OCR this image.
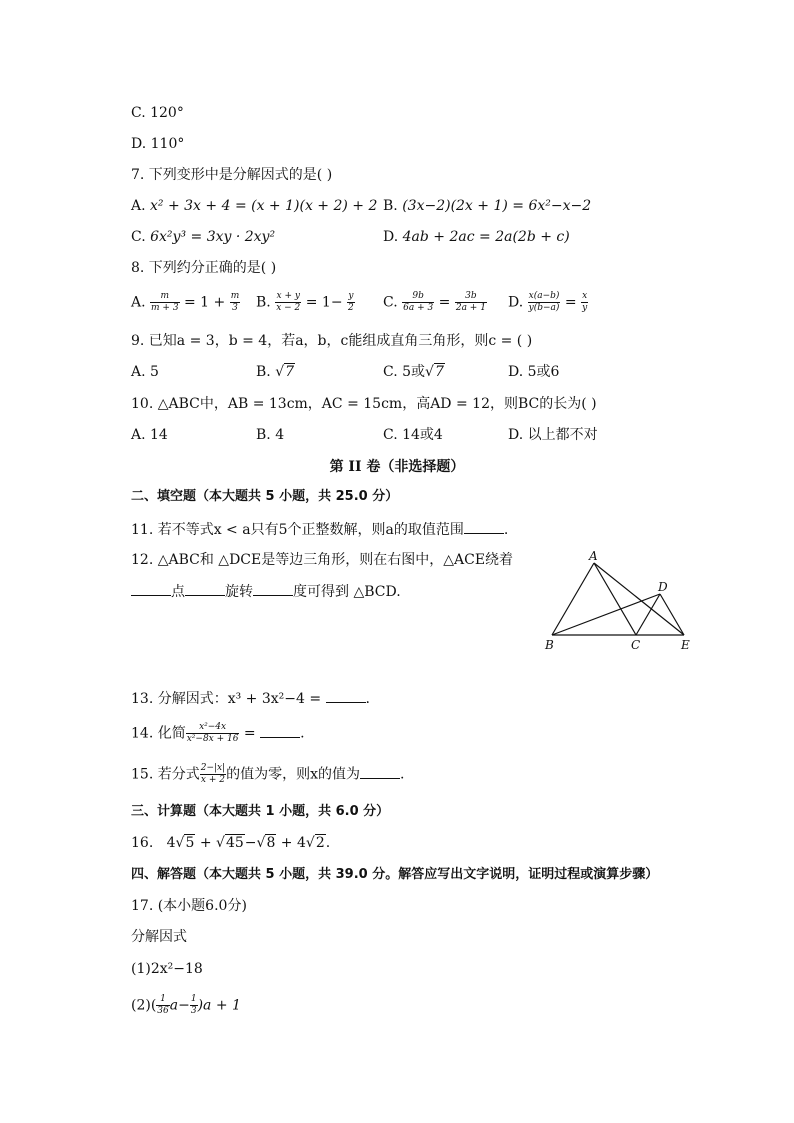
C. 120°
D. 110°
7. 下列变形中是分解因式的是( )
A. x² + 3x + 4 = (x + 1)(x + 2) + 2 B. (3x−2)(2x + 1) = 6x²−x−2
C. 6x²y³ = 3xy · 2xy²	D. 4ab + 2ac = 2a(2b + c)
8. 下列约分正确的是( )
A. $\frac{m}{m + 3} = 1 + \frac{m}{3} B$. $\frac{x + y}{x - 2} = 1- \frac{y}{2} C$. $\frac{9b}{6a + 3} = \frac{3b}{2a + 1} D$. $\frac{x(a-b)}{y(b-a)} = \frac{x}{y}$
9. 已知a = 3，b = 4，若a，b，c能组成直角三角形，则c = ( )
A. 5	B. √7	C. 5或√7	D. 5或6
10. △ABC中，AB = 13cm，AC = 15cm，高AD = 12，则BC的长为( )
A. 14	B. 4	C. 14或4	D. 以上都不对
第 II 卷（非选择题）
二、填空题（本大题共 5 小题，共 25.0 分）
11. 若不等式x < a只有5个正整数解，则a的取值范围	.
12. △ABC和 △DCE是等边三角形，则在右图中，△ACE绕着
点	旋转	度可得到 △BCD.
A
B	C
D
E
13. 分解因式：x³ + 3x²−4 =	.
14. 化简 $\frac{\text{x²−4x}}{\text{x²−8x + 16}}$ =	.
15. 若分式 $\frac{2-|x|}{x + 2}$ 的值为零，则x的值为	.
三、计算题（本大题共 1 小题，共 6.0 分）
16. 4√5 + √45−√8 + 4√2.
四、解答题（本大题共 5 小题，共 39.0 分。解答应写出文字说明，证明过程或演算步骤）
17. (本小题6.0分)
分解因式
(1)2x²−18
$(2)( \frac{1}{36} a- \frac{1}{3} )a + 1$
